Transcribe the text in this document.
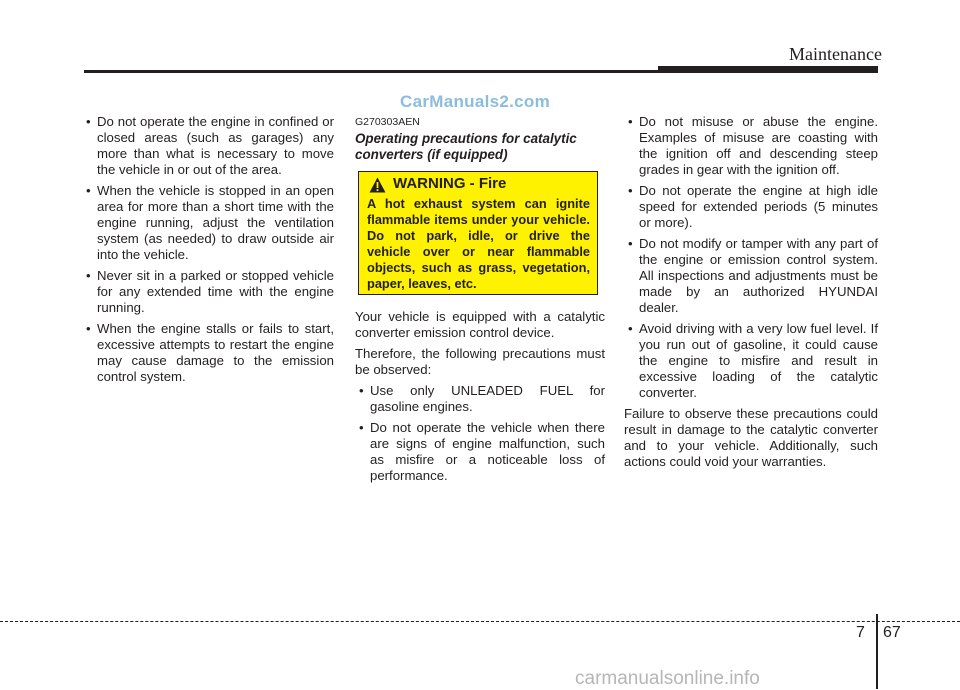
Maintenance
CarManuals2.com
• Do not operate the engine in confined or closed areas (such as garages) any more than what is necessary to move the vehicle in or out of the area.
• When the vehicle is stopped in an open area for more than a short time with the engine running, adjust the ventilation system (as needed) to draw outside air into the vehicle.
• Never sit in a parked or stopped vehicle for any extended time with the engine running.
• When the engine stalls or fails to start, excessive attempts to restart the engine may cause damage to the emission control system.
G270303AEN
Operating precautions for catalytic converters (if equipped)
WARNING - Fire
A hot exhaust system can ignite flammable items under your vehicle. Do not park, idle, or drive the vehicle over or near flammable objects, such as grass, vegetation, paper, leaves, etc.

Your vehicle is equipped with a catalytic converter emission control device.

Therefore, the following precautions must be observed:

• Use only UNLEADED FUEL for gasoline engines.
• Do not operate the vehicle when there are signs of engine malfunction, such as misfire or a noticeable loss of performance.
• Do not misuse or abuse the engine. Examples of misuse are coasting with the ignition off and descending steep grades in gear with the ignition off.
• Do not operate the engine at high idle speed for extended periods (5 minutes or more).
• Do not modify or tamper with any part of the engine or emission control system. All inspections and adjustments must be made by an authorized HYUNDAI dealer.
• Avoid driving with a very low fuel level. If you run out of gasoline, it could cause the engine to misfire and result in excessive loading of the catalytic converter.

Failure to observe these precautions could result in damage to the catalytic converter and to your vehicle. Additionally, such actions could void your warranties.

7 67
carmanualsonline.info
